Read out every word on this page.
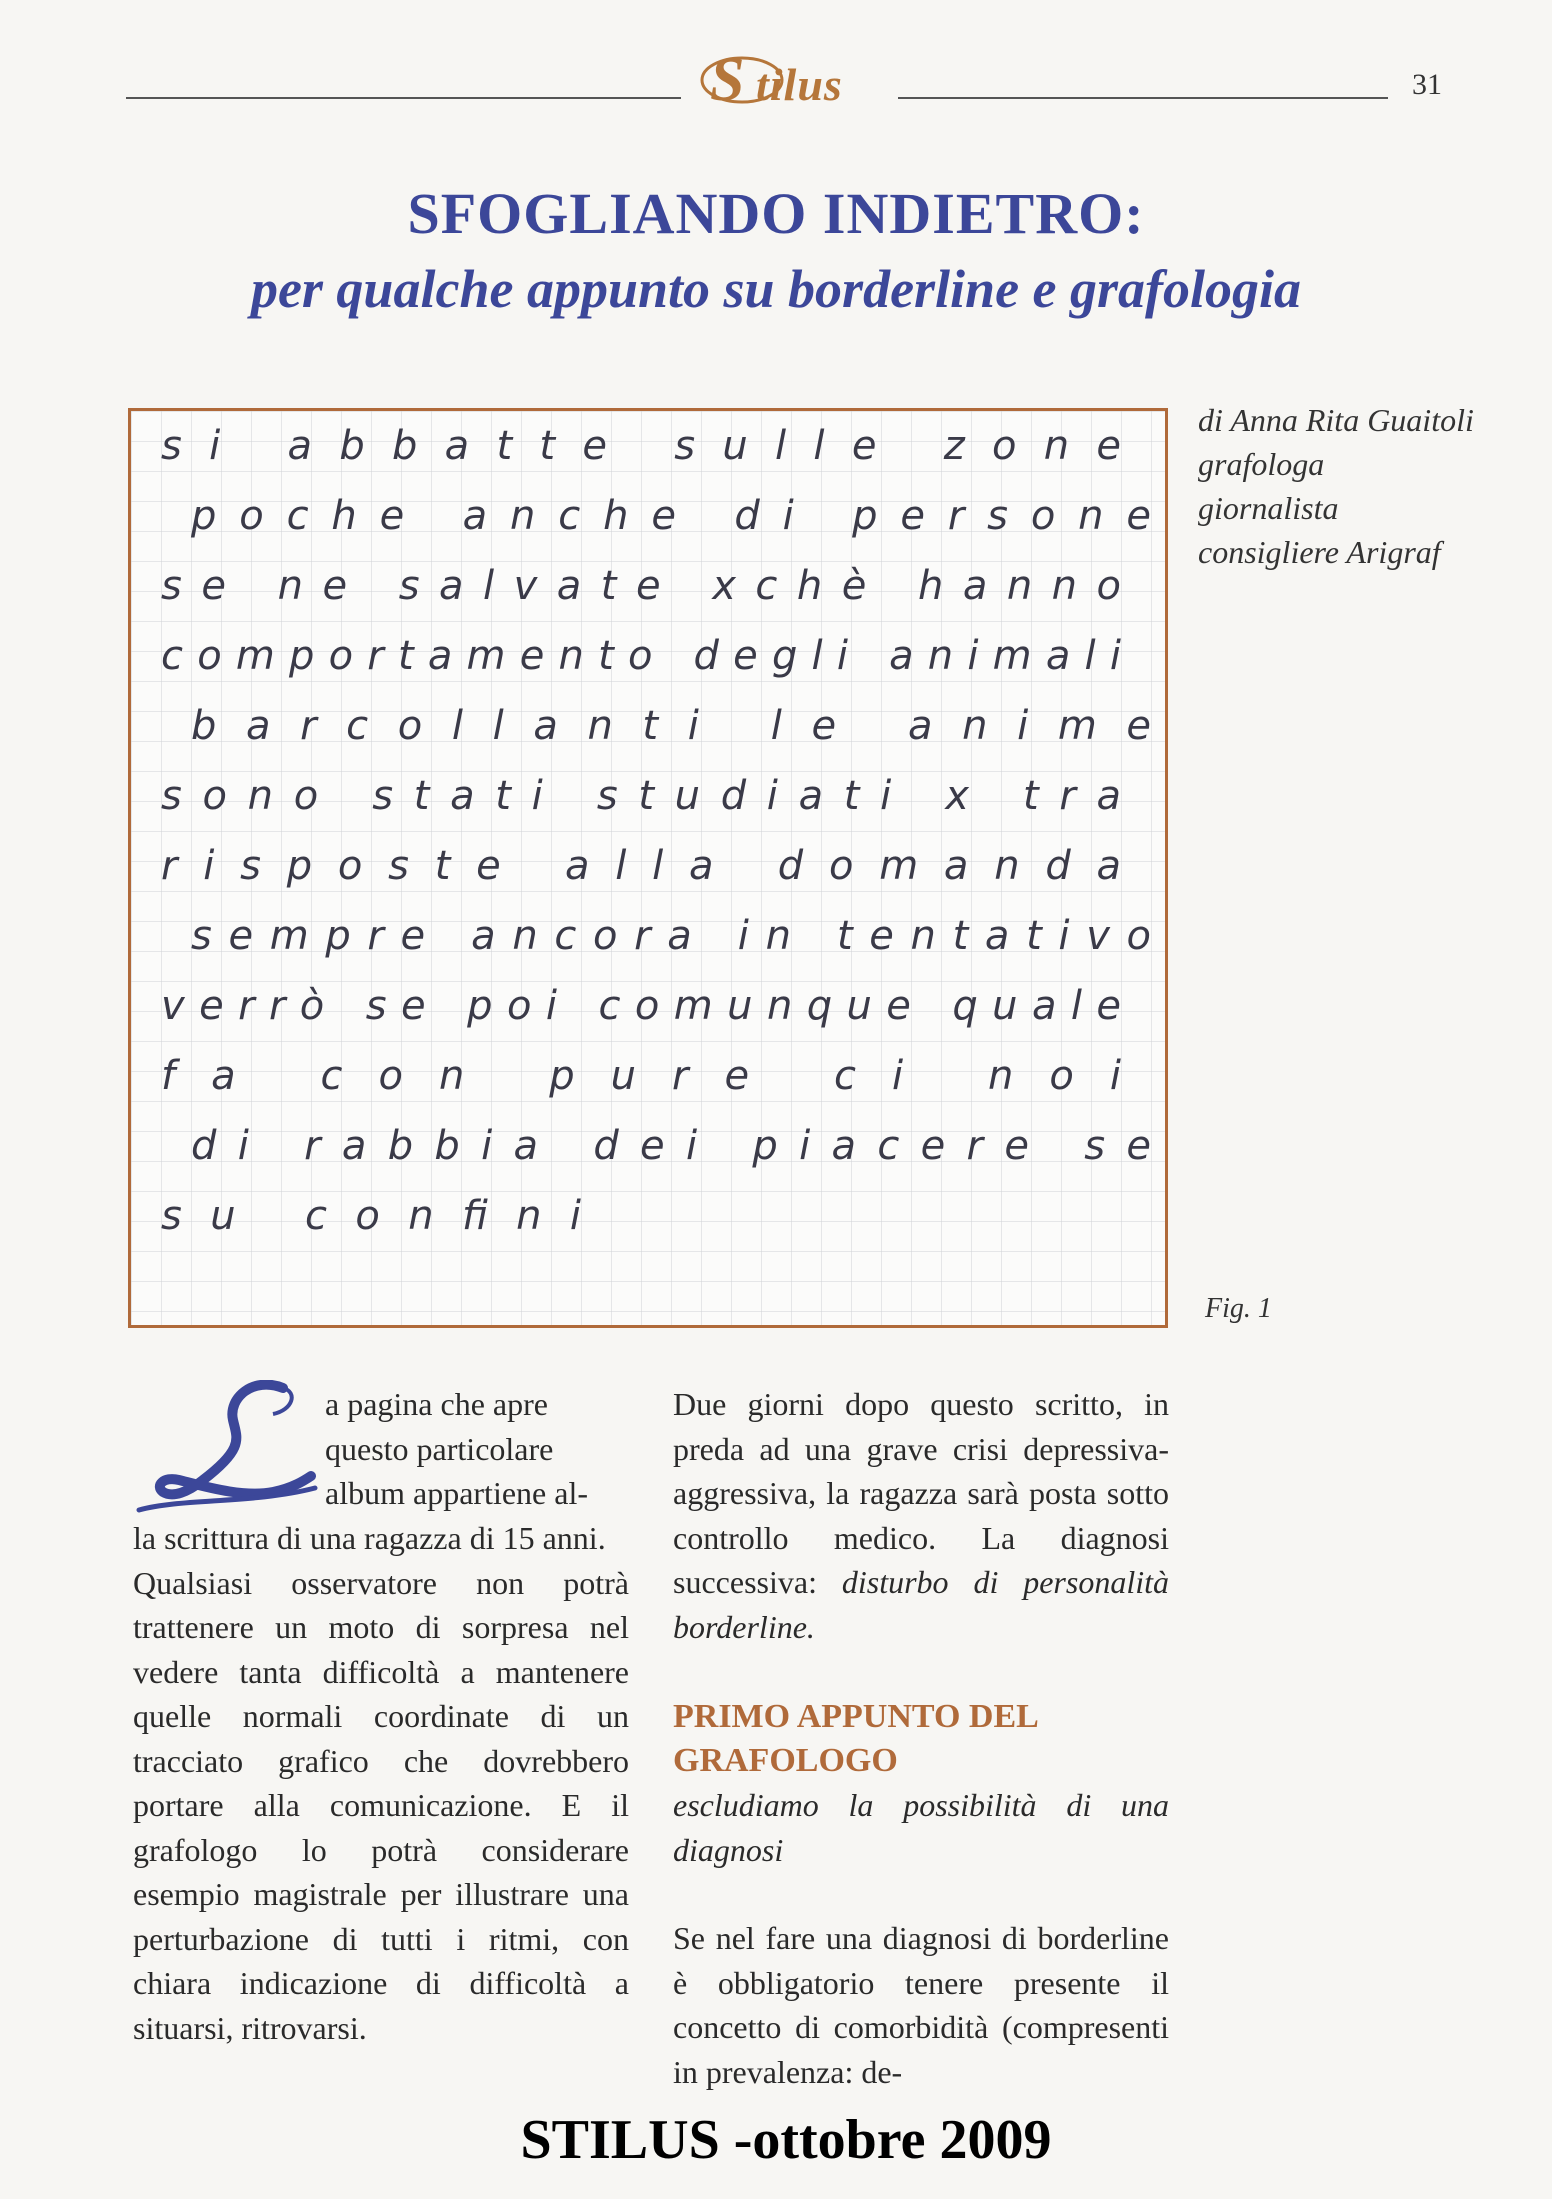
S tilus	31
SFOGLIANDO INDIETRO:
per qualche appunto su borderline e grafologia
si abbatte sulle zone
poche anche di persone
se ne salvate xchè hanno
comportamento degli animali
barcollanti le anime
sono stati studiati x tra
risposte alla domanda
sempre ancora in tentativo
verrò se poi comunque quale
fa con pure ci noi
di rabbia dei piacere se
su confini
di Anna Rita Guaitoli
grafologa
giornalista
consigliere Arigraf
Fig. 1
L

a pagina che apre
questo particolare
album appartiene al-
la scrittura di una ragazza di 15 anni.

Qualsiasi osservatore non potrà trattenere un moto di sorpresa nel vedere tanta difficoltà a mantenere quelle normali coordinate di un tracciato grafico che dovrebbero portare alla comunicazione. E il grafologo lo potrà considerare esempio magistrale per illustrare una perturbazione di tutti i ritmi, con chiara indicazione di difficoltà a situarsi, ritrovarsi.

Due giorni dopo questo scritto, in preda ad una grave crisi depressiva-aggressiva, la ragazza sarà posta sotto controllo medico. La diagnosi successiva: disturbo di personalità borderline.

PRIMO APPUNTO DEL GRAFOLOGO

escludiamo la possibilità di una diagnosi

Se nel fare una diagnosi di borderline è obbligatorio tenere presente il concetto di comorbidità (compresenti in prevalenza: de-

STILUS -ottobre 2009
